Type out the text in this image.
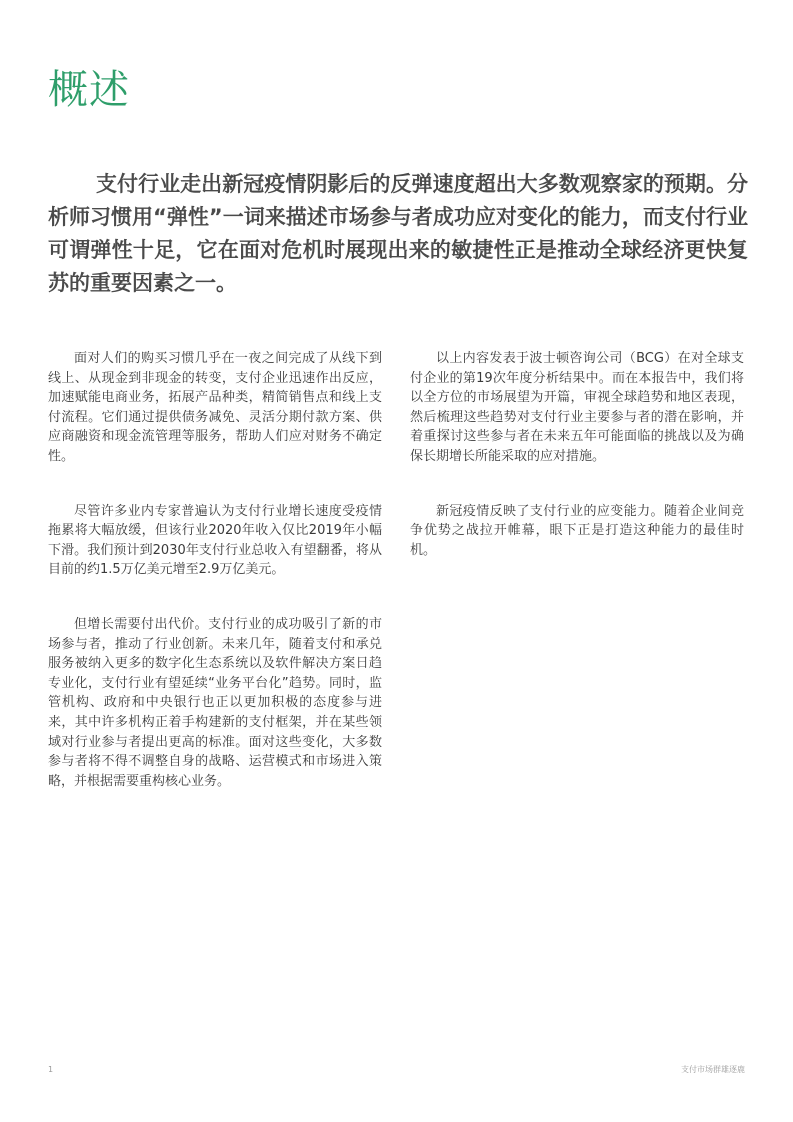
概述

支付行业走出新冠疫情阴影后的反弹速度超出大多数观察家的预期。分析师习惯用“弹性”一词来描述市场参与者成功应对变化的能力，而支付行业可谓弹性十足，它在面对危机时展现出来的敏捷性正是推动全球经济更快复苏的重要因素之一。

面对人们的购买习惯几乎在一夜之间完成了从线下到线上、从现金到非现金的转变，支付企业迅速作出反应，加速赋能电商业务，拓展产品种类，精简销售点和线上支付流程。它们通过提供债务减免、灵活分期付款方案、供应商融资和现金流管理等服务，帮助人们应对财务不确定性。

尽管许多业内专家普遍认为支付行业增长速度受疫情拖累将大幅放缓，但该行业2020年收入仅比2019年小幅下滑。我们预计到2030年支付行业总收入有望翻番，将从目前的约1.5万亿美元增至2.9万亿美元。

但增长需要付出代价。支付行业的成功吸引了新的市场参与者，推动了行业创新。未来几年，随着支付和承兑服务被纳入更多的数字化生态系统以及软件解决方案日趋专业化，支付行业有望延续“业务平台化”趋势。同时，监管机构、政府和中央银行也正以更加积极的态度参与进来，其中许多机构正着手构建新的支付框架，并在某些领域对行业参与者提出更高的标准。面对这些变化，大多数参与者将不得不调整自身的战略、运营模式和市场进入策略，并根据需要重构核心业务。

以上内容发表于波士顿咨询公司（BCG）在对全球支付企业的第19次年度分析结果中。而在本报告中，我们将以全方位的市场展望为开篇，审视全球趋势和地区表现，然后梳理这些趋势对支付行业主要参与者的潜在影响，并着重探讨这些参与者在未来五年可能面临的挑战以及为确保长期增长所能采取的应对措施。

新冠疫情反映了支付行业的应变能力。随着企业间竞争优势之战拉开帷幕，眼下正是打造这种能力的最佳时机。

1	支付市场群雄逐鹿
